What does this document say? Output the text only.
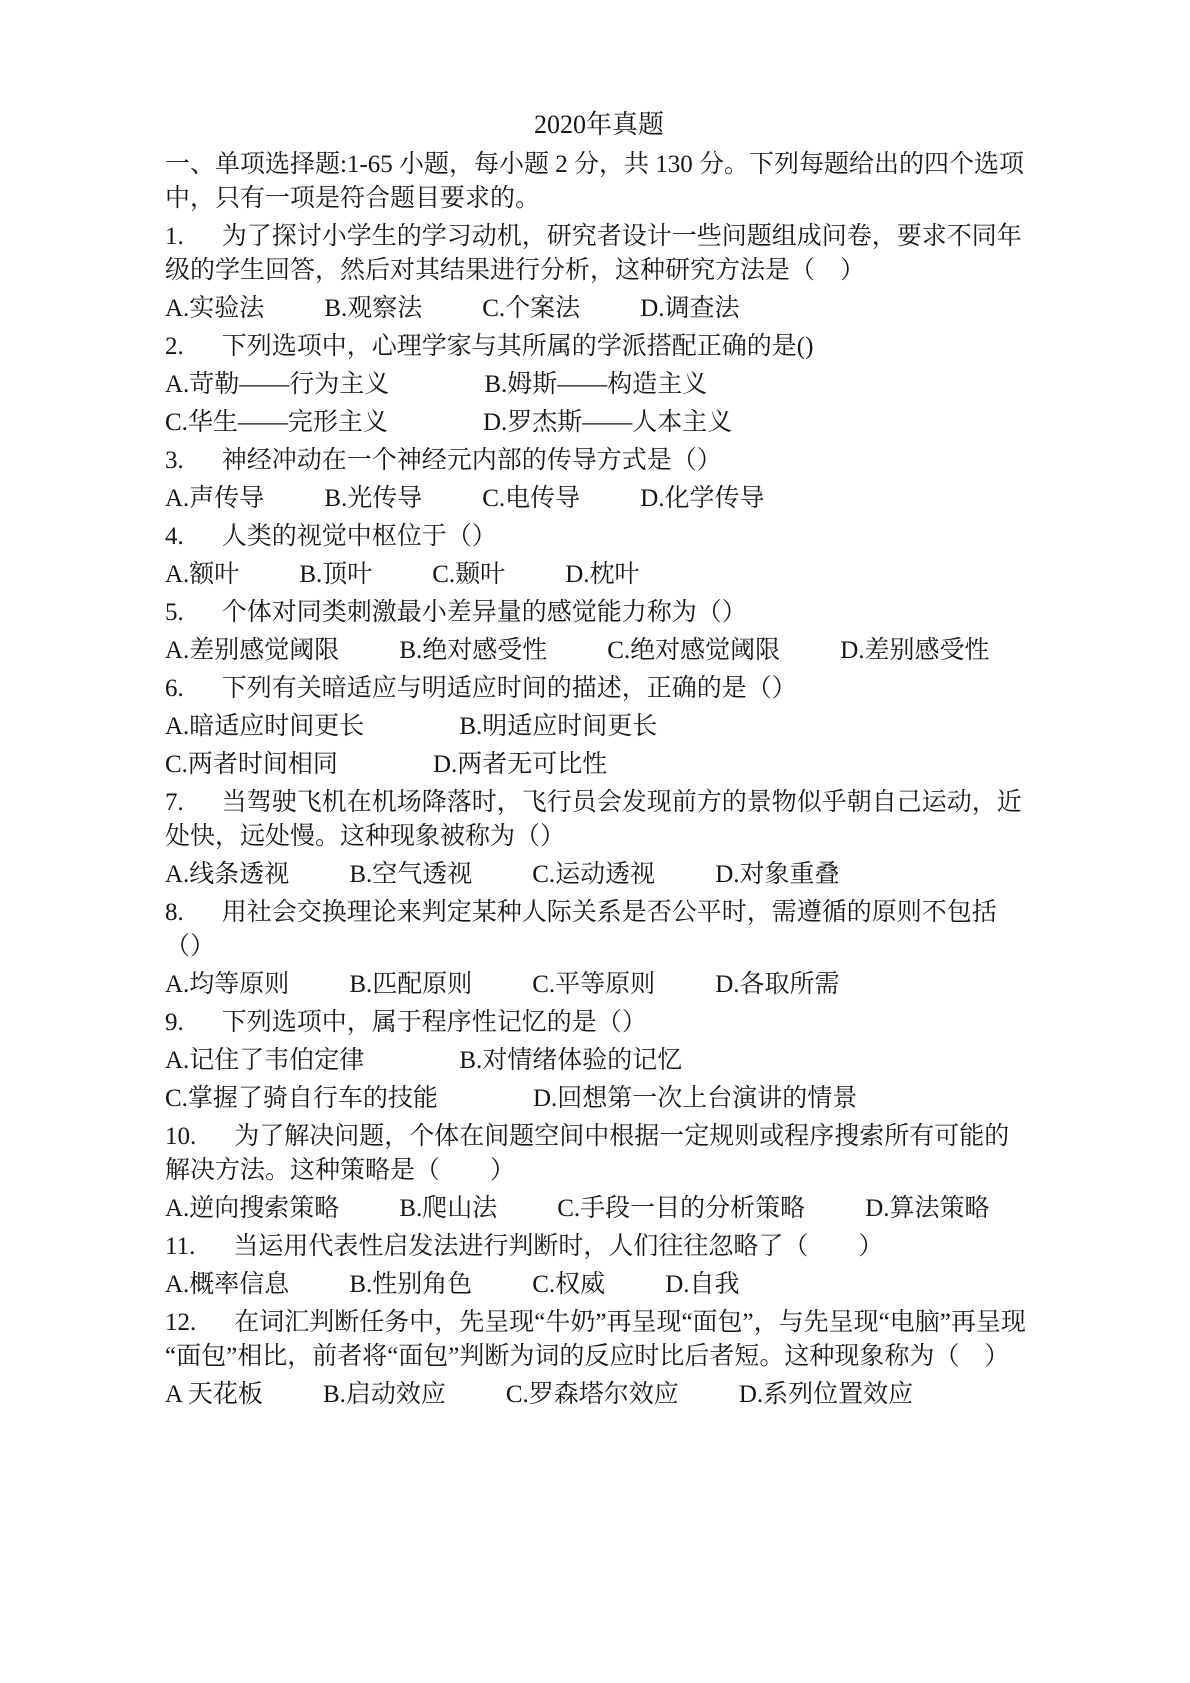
2020年真题

一、单项选择题:1-65 小题，每小题 2 分，共 130 分。下列每题给出的四个选项中，只有一项是符合题目要求的。

1. 为了探讨小学生的学习动机，研究者设计一些问题组成问卷，要求不同年级的学生回答，然后对其结果进行分析，这种研究方法是（　）

A.实验法 B.观察法 C.个案法 D.调查法

2. 下列选项中，心理学家与其所属的学派搭配正确的是()

A.苛勒——行为主义	B.姆斯——构造主义

C.华生——完形主义	D.罗杰斯——人本主义

3. 神经冲动在一个神经元内部的传导方式是（）

A.声传导 B.光传导 C.电传导 D.化学传导

4. 人类的视觉中枢位于（）

A.额叶 B.顶叶 C.颞叶 D.枕叶

5. 个体对同类刺激最小差异量的感觉能力称为（）

A.差别感觉阈限 B.绝对感受性 C.绝对感觉阈限 D.差别感受性

6. 下列有关暗适应与明适应时间的描述，正确的是（）

A.暗适应时间更长	B.明适应时间更长

C.两者时间相同	D.两者无可比性

7. 当驾驶飞机在机场降落时，飞行员会发现前方的景物似乎朝自己运动，近处快，远处慢。这种现象被称为（）

A.线条透视 B.空气透视 C.运动透视 D.对象重叠

8. 用社会交换理论来判定某种人际关系是否公平时，需遵循的原则不包括（）

A.均等原则 B.匹配原则 C.平等原则 D.各取所需

9. 下列选项中，属于程序性记忆的是（）

A.记住了韦伯定律	B.对情绪体验的记忆

C.掌握了骑自行车的技能	D.回想第一次上台演讲的情景

10. 为了解决问题，个体在间题空间中根据一定规则或程序搜索所有可能的解决方法。这种策略是（　　）

A.逆向搜索策略 B.爬山法 C.手段一目的分析策略 D.算法策略

11. 当运用代表性启发法进行判断时，人们往往忽略了（　　）

A.概率信息 B.性别角色 C.权威 D.自我

12. 在词汇判断任务中，先呈现“牛奶”再呈现“面包”，与先呈现“电脑”再呈现“面包”相比，前者将“面包”判断为词的反应时比后者短。这种现象称为（　）

A 天花板 B.启动效应 C.罗森塔尔效应 D.系列位置效应
